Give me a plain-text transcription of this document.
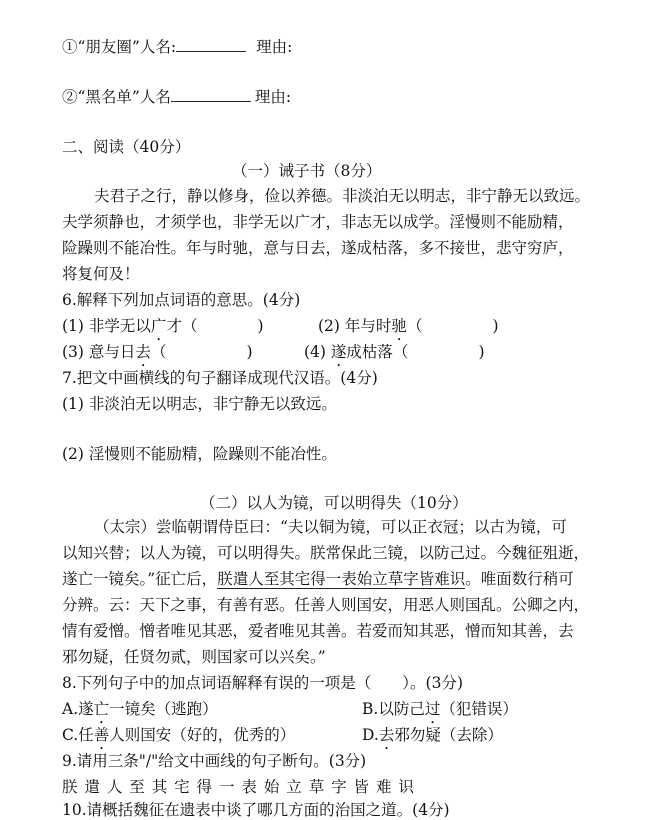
①“朋友圈”人名:	理由:
②“黑名单”人名	理由:
二、阅读（40分）
（一）诫子书（8分）
夫君子之行，静以修身，俭以养德。非淡泊无以明志，非宁静无以致远。
夫学须静也，才须学也，非学无以广才，非志无以成学。淫慢则不能励精，
险躁则不能冶性。年与时驰，意与日去，遂成枯落，多不接世，悲守穷庐，
将复何及！
6.解释下列加点词语的意思。(4分)
(1) 非学无以广才（	)	(2) 年与时驰（	)
(3) 意与日去（	)	(4) 遂成枯落（	)
7.把文中画横线的句子翻译成现代汉语。(4分)
(1) 非淡泊无以明志，非宁静无以致远。
(2) 淫慢则不能励精，险躁则不能冶性。
（二）以人为镜，可以明得失（10分）
（太宗）尝临朝谓侍臣曰：“夫以铜为镜，可以正衣冠；以古为镜，可
以知兴替；以人为镜，可以明得失。朕常保此三镜，以防己过。今魏征殂逝，
遂亡一镜矣。”征亡后，朕遣人至其宅得一表始立草字皆难识。唯面数行稍可
分辨。云：天下之事，有善有恶。任善人则国安，用恶人则国乱。公卿之内，
情有爱憎。憎者唯见其恶，爱者唯见其善。若爱而知其恶，憎而知其善，去
邪勿疑，任贤勿贰，则国家可以兴矣。”
8.下列句子中的加点词语解释有误的一项是（　　）。(3分)
A.遂亡一镜矣（逃跑）	B.以防己过（犯错误）
C.任善人则国安（好的，优秀的）	D.去邪勿疑（去除）
9.请用三条"/"给文中画线的句子断句。(3分)
朕 遣 人 至 其 宅 得 一 表 始 立 草 字 皆 难 识
10.请概括魏征在遗表中谈了哪几方面的治国之道。(4分)
